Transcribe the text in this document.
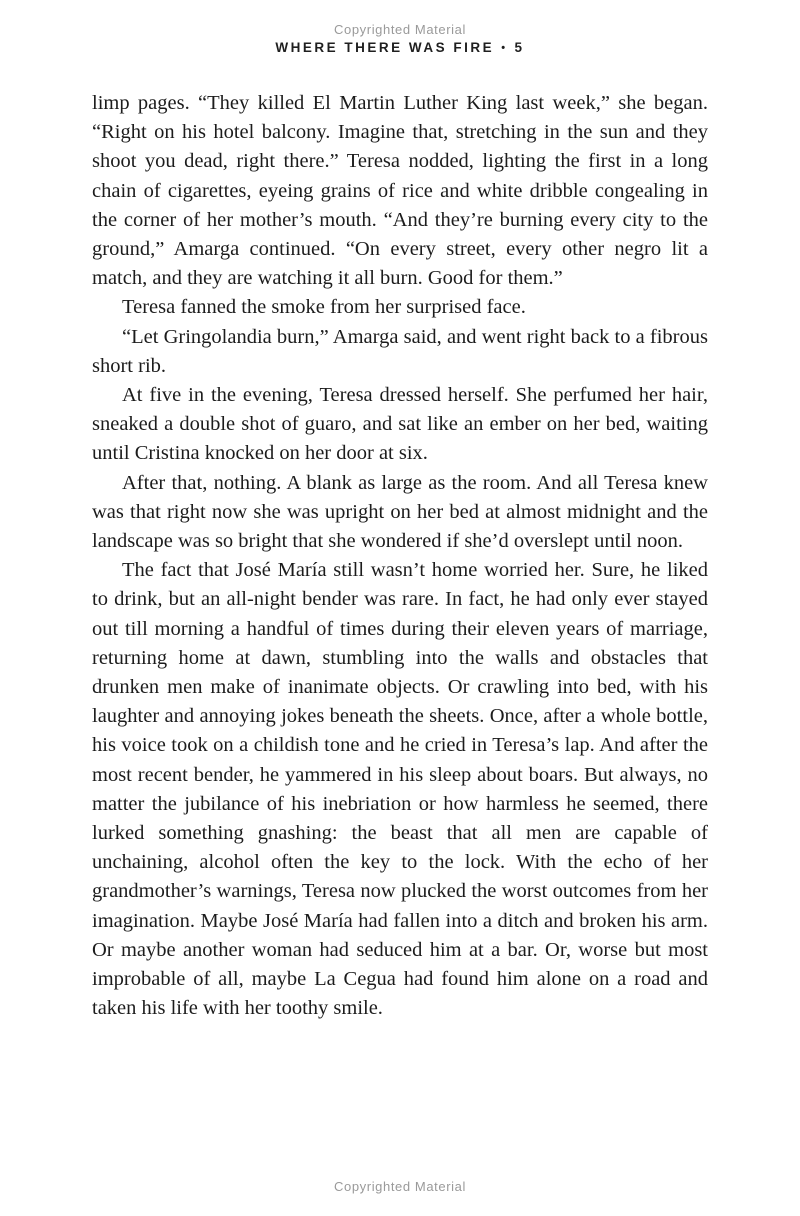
Copyrighted Material
WHERE THERE WAS FIRE • 5

limp pages. “They killed El Martin Luther King last week,” she began. “Right on his hotel balcony. Imagine that, stretching in the sun and they shoot you dead, right there.” Teresa nodded, lighting the first in a long chain of cigarettes, eyeing grains of rice and white dribble congealing in the corner of her mother’s mouth. “And they’re burning every city to the ground,” Amarga continued. “On every street, every other negro lit a match, and they are watching it all burn. Good for them.”

Teresa fanned the smoke from her surprised face.

“Let Gringolandia burn,” Amarga said, and went right back to a fibrous short rib.

At five in the evening, Teresa dressed herself. She perfumed her hair, sneaked a double shot of guaro, and sat like an ember on her bed, waiting until Cristina knocked on her door at six.

After that, nothing. A blank as large as the room. And all Teresa knew was that right now she was upright on her bed at almost midnight and the landscape was so bright that she wondered if she’d overslept until noon.

The fact that José María still wasn’t home worried her. Sure, he liked to drink, but an all-night bender was rare. In fact, he had only ever stayed out till morning a handful of times during their eleven years of marriage, returning home at dawn, stumbling into the walls and obstacles that drunken men make of inanimate objects. Or crawling into bed, with his laughter and annoying jokes beneath the sheets. Once, after a whole bottle, his voice took on a childish tone and he cried in Teresa’s lap. And after the most recent bender, he yammered in his sleep about boars. But always, no matter the jubilance of his inebriation or how harmless he seemed, there lurked something gnashing: the beast that all men are capable of unchaining, alcohol often the key to the lock. With the echo of her grandmother’s warnings, Teresa now plucked the worst outcomes from her imagination. Maybe José María had fallen into a ditch and broken his arm. Or maybe another woman had seduced him at a bar. Or, worse but most improbable of all, maybe La Cegua had found him alone on a road and taken his life with her toothy smile.

Copyrighted Material
